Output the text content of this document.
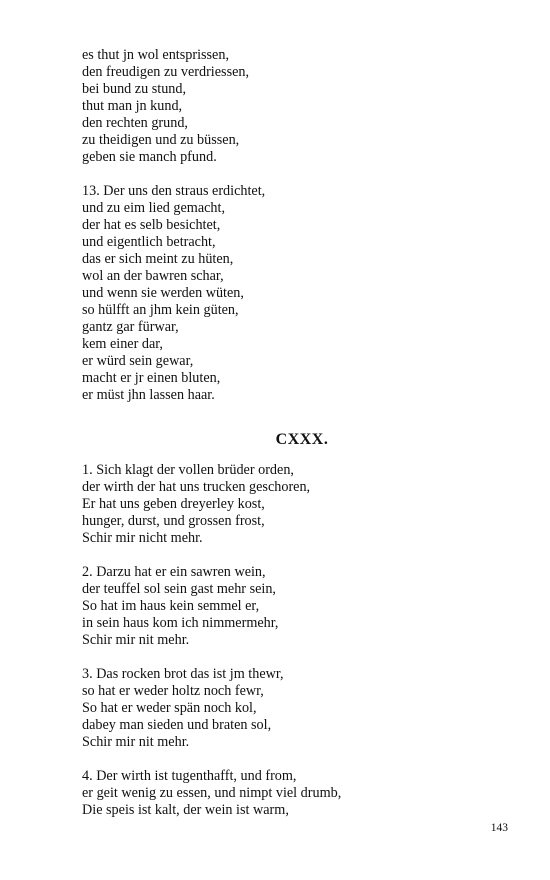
es thut jn wol entsprissen,
den freudigen zu verdriessen,
bei bund zu stund,
thut man jn kund,
den rechten grund,
zu theidigen und zu büssen,
geben sie manch pfund.
13. Der uns den straus erdichtet,
und zu eim lied gemacht,
der hat es selb besichtet,
und eigentlich betracht,
das er sich meint zu hüten,
wol an der bawren schar,
und wenn sie werden wüten,
so hülfft an jhm kein güten,
gantz gar fürwar,
kem einer dar,
er würd sein gewar,
macht er jr einen bluten,
er müst jhn lassen haar.
CXXX.
1. Sich klagt der vollen brüder orden,
der wirth der hat uns trucken geschoren,
Er hat uns geben dreyerley kost,
hunger, durst, und grossen frost,
Schir mir nicht mehr.
2. Darzu hat er ein sawren wein,
der teuffel sol sein gast mehr sein,
So hat im haus kein semmel er,
in sein haus kom ich nimmermehr,
Schir mir nit mehr.
3. Das rocken brot das ist jm thewr,
so hat er weder holtz noch fewr,
So hat er weder spän noch kol,
dabey man sieden und braten sol,
Schir mir nit mehr.
4. Der wirth ist tugenthafft, und from,
er geit wenig zu essen, und nimpt viel drumb,
Die speis ist kalt, der wein ist warm,
143
